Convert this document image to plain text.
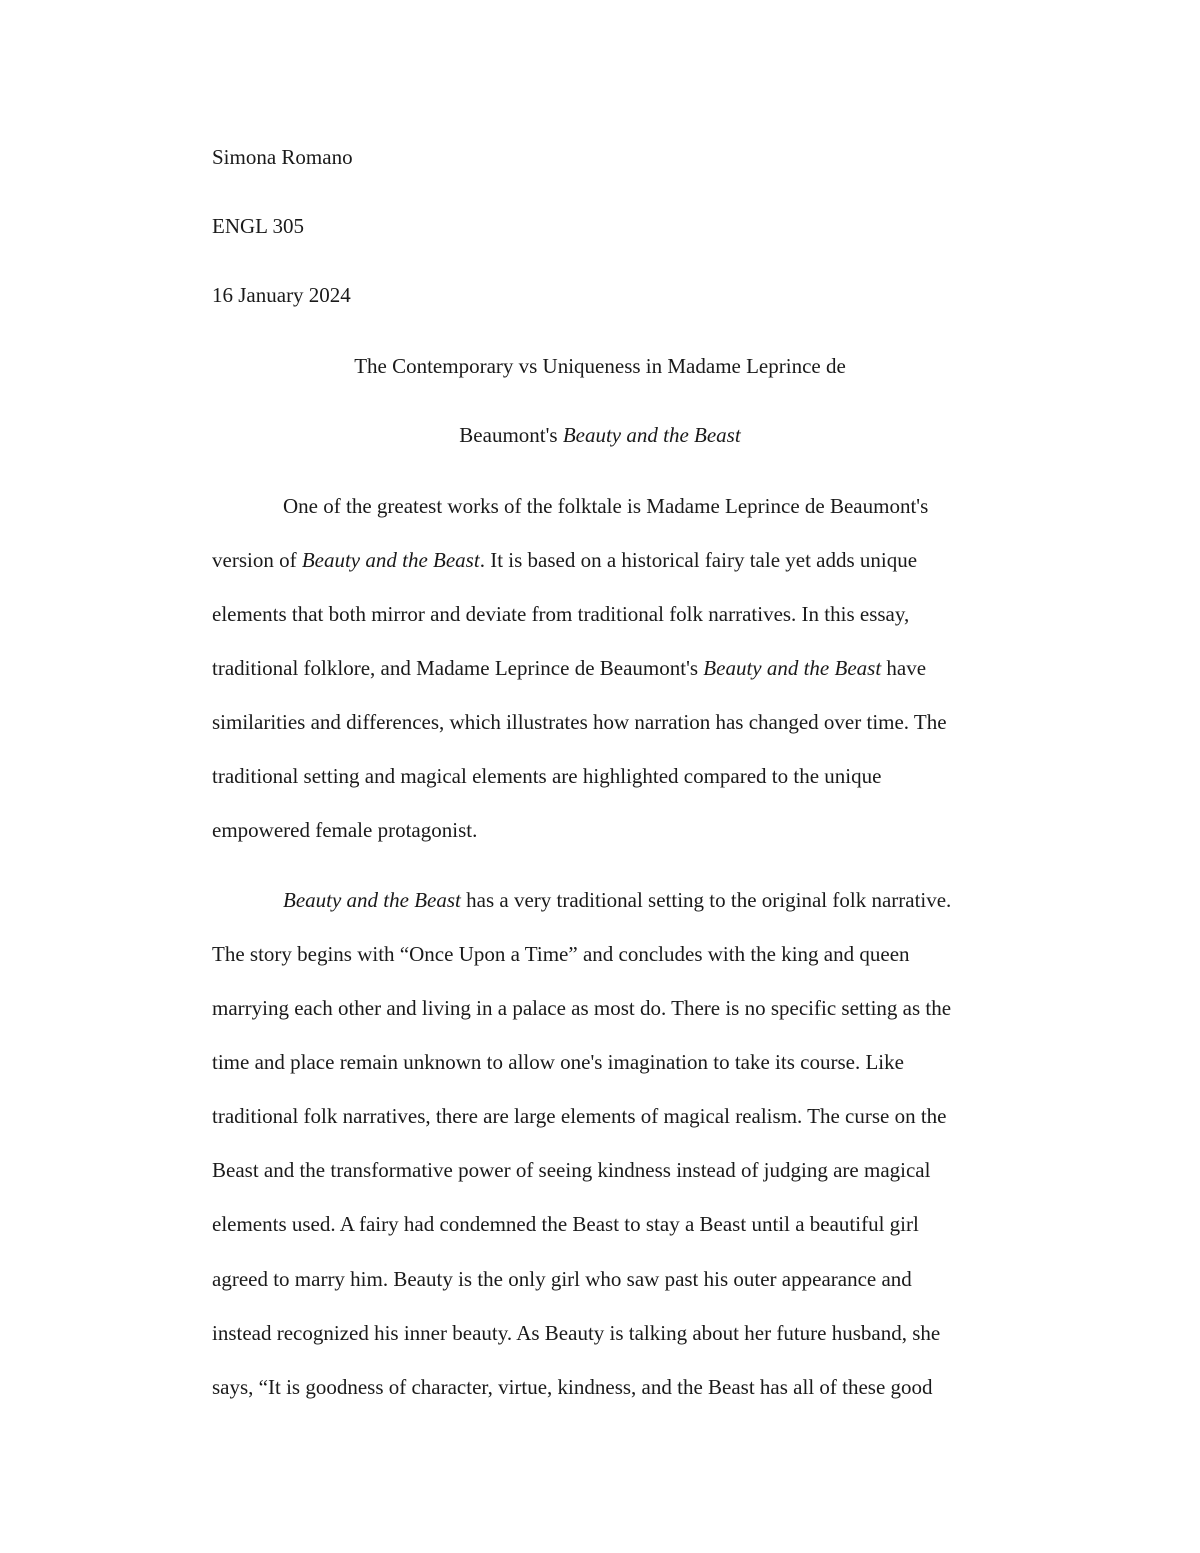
Simona Romano
ENGL 305
16 January 2024
The Contemporary vs Uniqueness in Madame Leprince de
Beaumont's Beauty and the Beast
One of the greatest works of the folktale is Madame Leprince de Beaumont's
version of Beauty and the Beast. It is based on a historical fairy tale yet adds unique
elements that both mirror and deviate from traditional folk narratives. In this essay,
traditional folklore, and Madame Leprince de Beaumont's Beauty and the Beast have
similarities and differences, which illustrates how narration has changed over time. The
traditional setting and magical elements are highlighted compared to the unique
empowered female protagonist.
Beauty and the Beast has a very traditional setting to the original folk narrative.
The story begins with “Once Upon a Time” and concludes with the king and queen
marrying each other and living in a palace as most do. There is no specific setting as the
time and place remain unknown to allow one's imagination to take its course. Like
traditional folk narratives, there are large elements of magical realism. The curse on the
Beast and the transformative power of seeing kindness instead of judging are magical
elements used. A fairy had condemned the Beast to stay a Beast until a beautiful girl
agreed to marry him. Beauty is the only girl who saw past his outer appearance and
instead recognized his inner beauty. As Beauty is talking about her future husband, she
says, “It is goodness of character, virtue, kindness, and the Beast has all of these good
